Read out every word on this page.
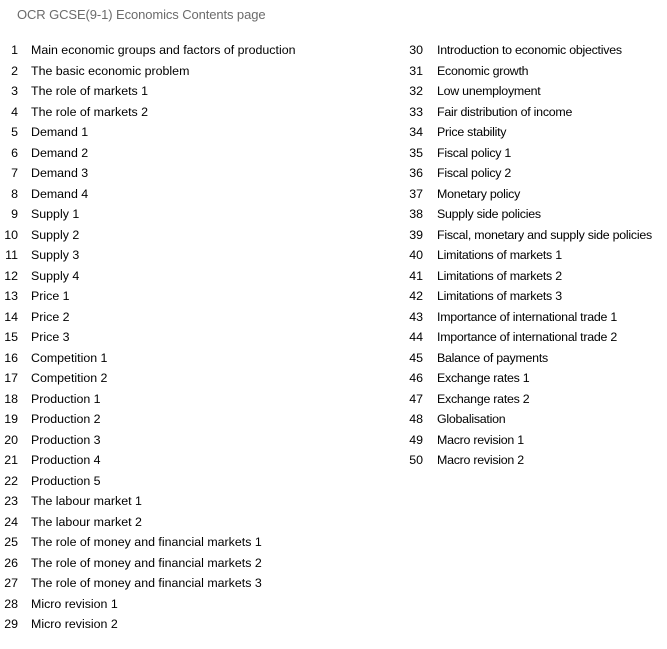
OCR GCSE(9-1) Economics Contents page
1 Main economic groups and factors of production
2 The basic economic problem
3 The role of markets 1
4 The role of markets 2
5 Demand 1
6 Demand 2
7 Demand 3
8 Demand 4
9 Supply 1
10 Supply 2
11 Supply 3
12 Supply 4
13 Price 1
14 Price 2
15 Price 3
16 Competition 1
17 Competition 2
18 Production 1
19 Production 2
20 Production 3
21 Production 4
22 Production 5
23 The labour market 1
24 The labour market 2
25 The role of money and financial markets 1
26 The role of money and financial markets 2
27 The role of money and financial markets 3
28 Micro revision 1
29 Micro revision 2
30 Introduction to economic objectives
31 Economic growth
32 Low unemployment
33 Fair distribution of income
34 Price stability
35 Fiscal policy 1
36 Fiscal policy 2
37 Monetary policy
38 Supply side policies
39 Fiscal, monetary and supply side policies
40 Limitations of markets 1
41 Limitations of markets 2
42 Limitations of markets 3
43 Importance of international trade 1
44 Importance of international trade 2
45 Balance of payments
46 Exchange rates 1
47 Exchange rates 2
48 Globalisation
49 Macro revision 1
50 Macro revision 2
